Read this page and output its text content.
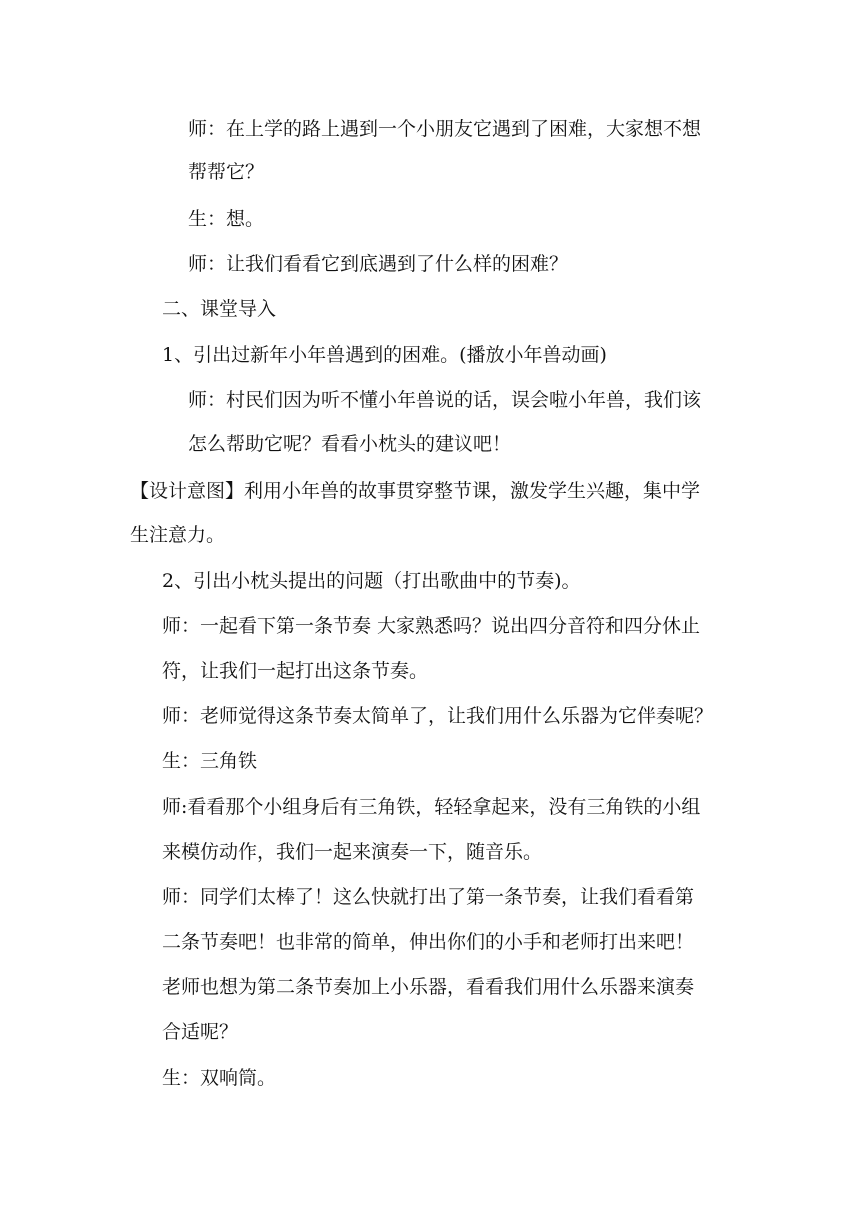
师：在上学的路上遇到一个小朋友它遇到了困难，大家想不想
帮帮它？
生：想。
师：让我们看看它到底遇到了什么样的困难？
二、课堂导入
1、引出过新年小年兽遇到的困难。(播放小年兽动画)
师：村民们因为听不懂小年兽说的话，误会啦小年兽，我们该
怎么帮助它呢？看看小枕头的建议吧！
【设计意图】利用小年兽的故事贯穿整节课，激发学生兴趣，集中学
生注意力。
2、引出小枕头提出的问题（打出歌曲中的节奏)。
师：一起看下第一条节奏 大家熟悉吗？说出四分音符和四分休止
符，让我们一起打出这条节奏。
师：老师觉得这条节奏太简单了，让我们用什么乐器为它伴奏呢？
生：三角铁
师:看看那个小组身后有三角铁，轻轻拿起来，没有三角铁的小组
来模仿动作，我们一起来演奏一下，随音乐。
师：同学们太棒了！这么快就打出了第一条节奏，让我们看看第
二条节奏吧！也非常的简单，伸出你们的小手和老师打出来吧！
老师也想为第二条节奏加上小乐器，看看我们用什么乐器来演奏
合适呢？
生：双响筒。
